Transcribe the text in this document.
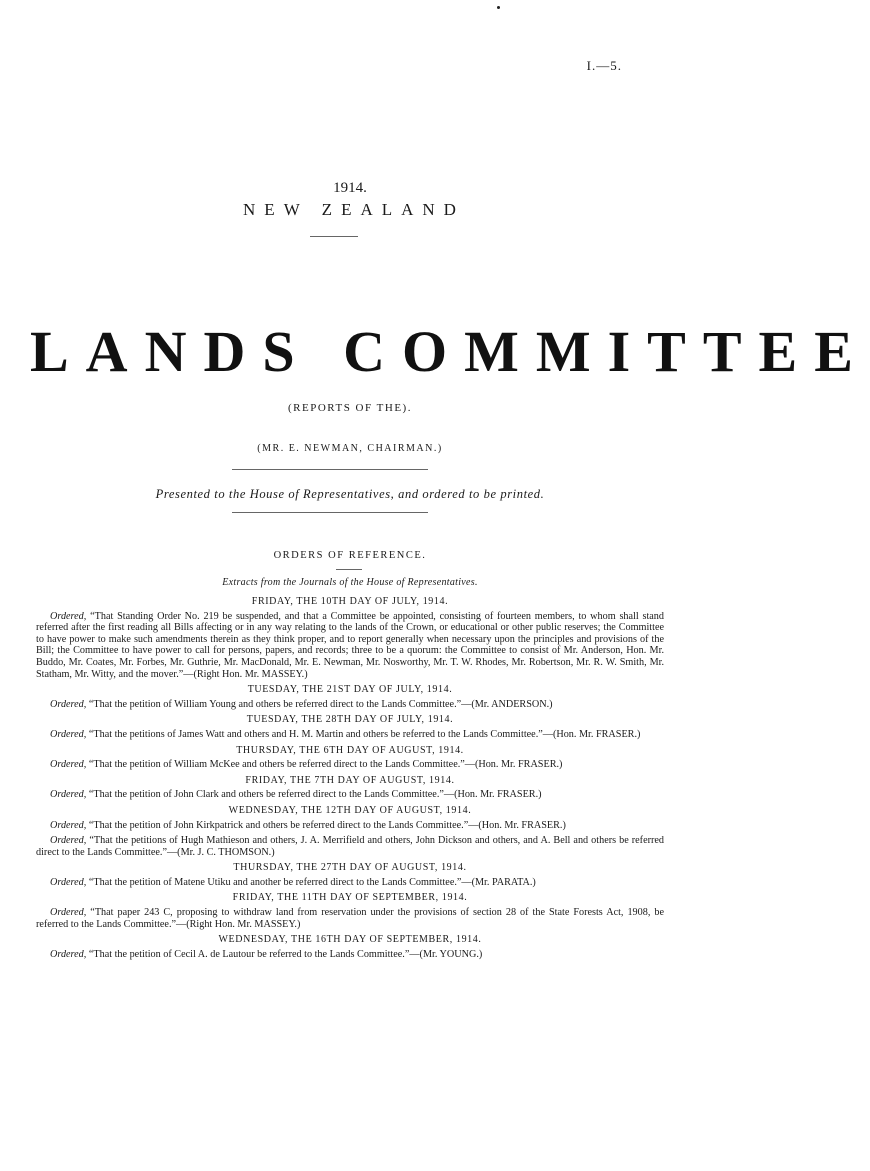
I.—5.
1914.
NEW ZEALAND
LANDS COMMITTEE
(REPORTS OF THE).
(MR. E. NEWMAN, CHAIRMAN.)
Presented to the House of Representatives, and ordered to be printed.
ORDERS OF REFERENCE.
Extracts from the Journals of the House of Representatives.
FRIDAY, THE 10TH DAY OF JULY, 1914.

Ordered, “That Standing Order No. 219 be suspended, and that a Committee be appointed, consisting of fourteen members, to whom shall stand referred after the first reading all Bills affecting or in any way relating to the lands of the Crown, or educational or other public reserves; the Committee to have power to make such amendments therein as they think proper, and to report generally when necessary upon the principles and provisions of the Bill; the Committee to have power to call for persons, papers, and records; three to be a quorum: the Committee to consist of Mr. Anderson, Hon. Mr. Buddo, Mr. Coates, Mr. Forbes, Mr. Guthrie, Mr. MacDonald, Mr. E. Newman, Mr. Nosworthy, Mr. T. W. Rhodes, Mr. Robertson, Mr. R. W. Smith, Mr. Statham, Mr. Witty, and the mover.”—(Right Hon. Mr. MASSEY.)

TUESDAY, THE 21ST DAY OF JULY, 1914.

Ordered, “That the petition of William Young and others be referred direct to the Lands Committee.”—(Mr. ANDERSON.)

TUESDAY, THE 28TH DAY OF JULY, 1914.

Ordered, “That the petitions of James Watt and others and H. M. Martin and others be referred to the Lands Committee.”—(Hon. Mr. FRASER.)

THURSDAY, THE 6TH DAY OF AUGUST, 1914.

Ordered, “That the petition of William McKee and others be referred direct to the Lands Committee.”—(Hon. Mr. FRASER.)

FRIDAY, THE 7TH DAY OF AUGUST, 1914.

Ordered, “That the petition of John Clark and others be referred direct to the Lands Committee.”—(Hon. Mr. FRASER.)

WEDNESDAY, THE 12TH DAY OF AUGUST, 1914.

Ordered, “That the petition of John Kirkpatrick and others be referred direct to the Lands Committee.”—(Hon. Mr. FRASER.)

Ordered, “That the petitions of Hugh Mathieson and others, J. A. Merrifield and others, John Dickson and others, and A. Bell and others be referred direct to the Lands Committee.”—(Mr. J. C. THOMSON.)

THURSDAY, THE 27TH DAY OF AUGUST, 1914.

Ordered, “That the petition of Matene Utiku and another be referred direct to the Lands Committee.”—(Mr. PARATA.)

FRIDAY, THE 11TH DAY OF SEPTEMBER, 1914.

Ordered, “That paper 243 C, proposing to withdraw land from reservation under the provisions of section 28 of the State Forests Act, 1908, be referred to the Lands Committee.”—(Right Hon. Mr. MASSEY.)

WEDNESDAY, THE 16TH DAY OF SEPTEMBER, 1914.

Ordered, “That the petition of Cecil A. de Lautour be referred to the Lands Committee.”—(Mr. YOUNG.)
